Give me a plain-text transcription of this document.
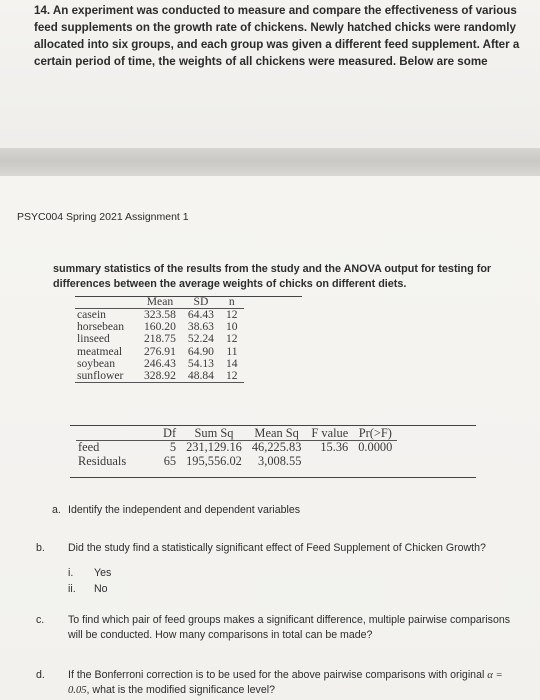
14. An experiment was conducted to measure and compare the effectiveness of various feed supplements on the growth rate of chickens. Newly hatched chicks were randomly allocated into six groups, and each group was given a different feed supplement. After a certain period of time, the weights of all chickens were measured. Below are some

PSYC004 Spring 2021 Assignment 1

summary statistics of the results from the study and the ANOVA output for testing for differences between the average weights of chicks on different diets.

	Mean	SD	n
casein	323.58	64.43	12
horsebean	160.20	38.63	10
linseed	218.75	52.24	12
meatmeal	276.91	64.90	11
soybean	246.43	54.13	14
sunflower	328.92	48.84	12
	Df	Sum Sq	Mean Sq	F value	Pr(>F)
feed	5	231,129.16	46,225.83	15.36	0.0000
Residuals	65	195,556.02	3,008.55		

a. Identify the independent and dependent variables

b. Did the study find a statistically significant effect of Feed Supplement of Chicken Growth?

i. Yes
ii. No

c. To find which pair of feed groups makes a significant difference, multiple pairwise comparisons will be conducted. How many comparisons in total can be made?

d. If the Bonferroni correction is to be used for the above pairwise comparisons with original α = 0.05, what is the modified significance level?
